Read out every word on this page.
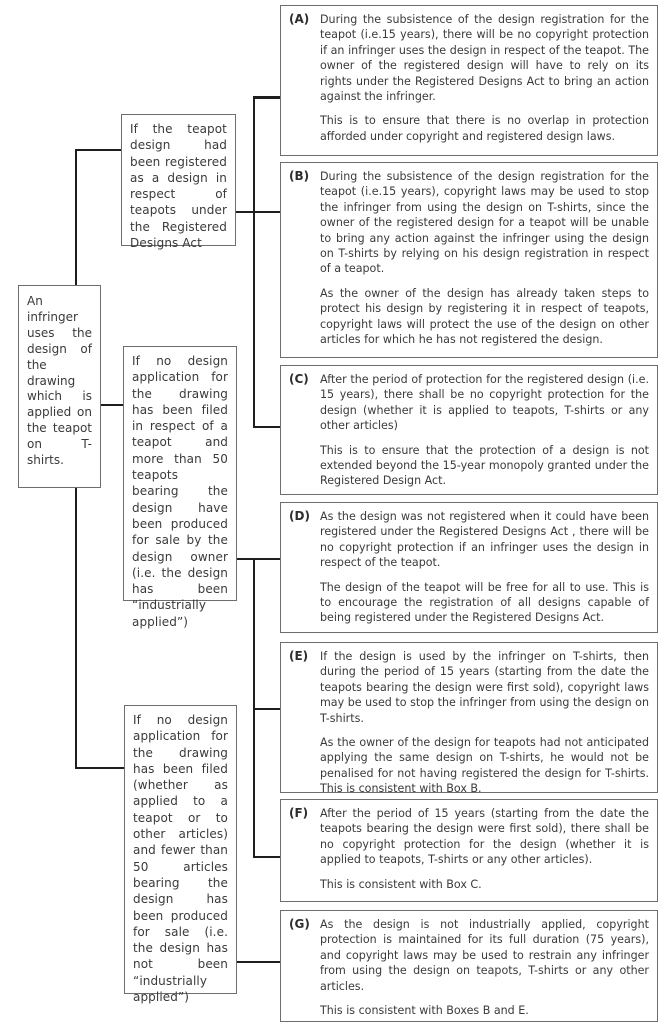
An infringer uses the design of the drawing which is applied on the teapot on T-shirts.
If the teapot design had been registered as a design in respect of teapots under the Registered Designs Act
If no design application for the drawing has been filed in respect of a teapot and more than 50 teapots bearing the design have been produced for sale by the design owner (i.e. the design has been “industrially applied”)
If no design application for the drawing has been filed (whether as applied to a teapot or to other articles) and fewer than 50 articles bearing the design has been produced for sale (i.e. the design has not been “industrially applied”)
(A) During the subsistence of the design registration for the teapot (i.e.15 years), there will be no copyright protection if an infringer uses the design in respect of the teapot. The owner of the registered design will have to rely on its rights under the Registered Designs Act to bring an action against the infringer.

This is to ensure that there is no overlap in protection afforded under copyright and registered design laws.

(B) During the subsistence of the design registration for the teapot (i.e.15 years), copyright laws may be used to stop the infringer from using the design on T-shirts, since the owner of the registered design for a teapot will be unable to bring any action against the infringer using the design on T-shirts by relying on his design registration in respect of a teapot.

As the owner of the design has already taken steps to protect his design by registering it in respect of teapots, copyright laws will protect the use of the design on other articles for which he has not registered the design.

(C)	After the period of protection for the registered design (i.e. 15 years), there shall be no copyright protection for the design (whether it is applied to teapots, T-shirts or any other articles)

This is to ensure that the protection of a design is not extended beyond the 15-year monopoly granted under the Registered Design Act.

(D) As the design was not registered when it could have been registered under the Registered Designs Act , there will be no copyright protection if an infringer uses the design in respect of the teapot.

The design of the teapot will be free for all to use. This is to encourage the registration of all designs capable of being registered under the Registered Designs Act.

(E)	If the design is used by the infringer on T-shirts, then during the period of 15 years (starting from the date the teapots bearing the design were first sold), copyright laws may be used to stop the infringer from using the design on T-shirts.

As the owner of the design for teapots had not anticipated applying the same design on T-shirts, he would not be penalised for not having registered the design for T-shirts. This is consistent with Box B.

(F)	After the period of 15 years (starting from the date the teapots bearing the design were first sold), there shall be no copyright protection for the design (whether it is applied to teapots, T-shirts or any other articles).

This is consistent with Box C.

(G) As the design is not industrially applied, copyright protection is maintained for its full duration (75 years), and copyright laws may be used to restrain any infringer from using the design on teapots, T-shirts or any other articles.

This is consistent with Boxes B and E.
